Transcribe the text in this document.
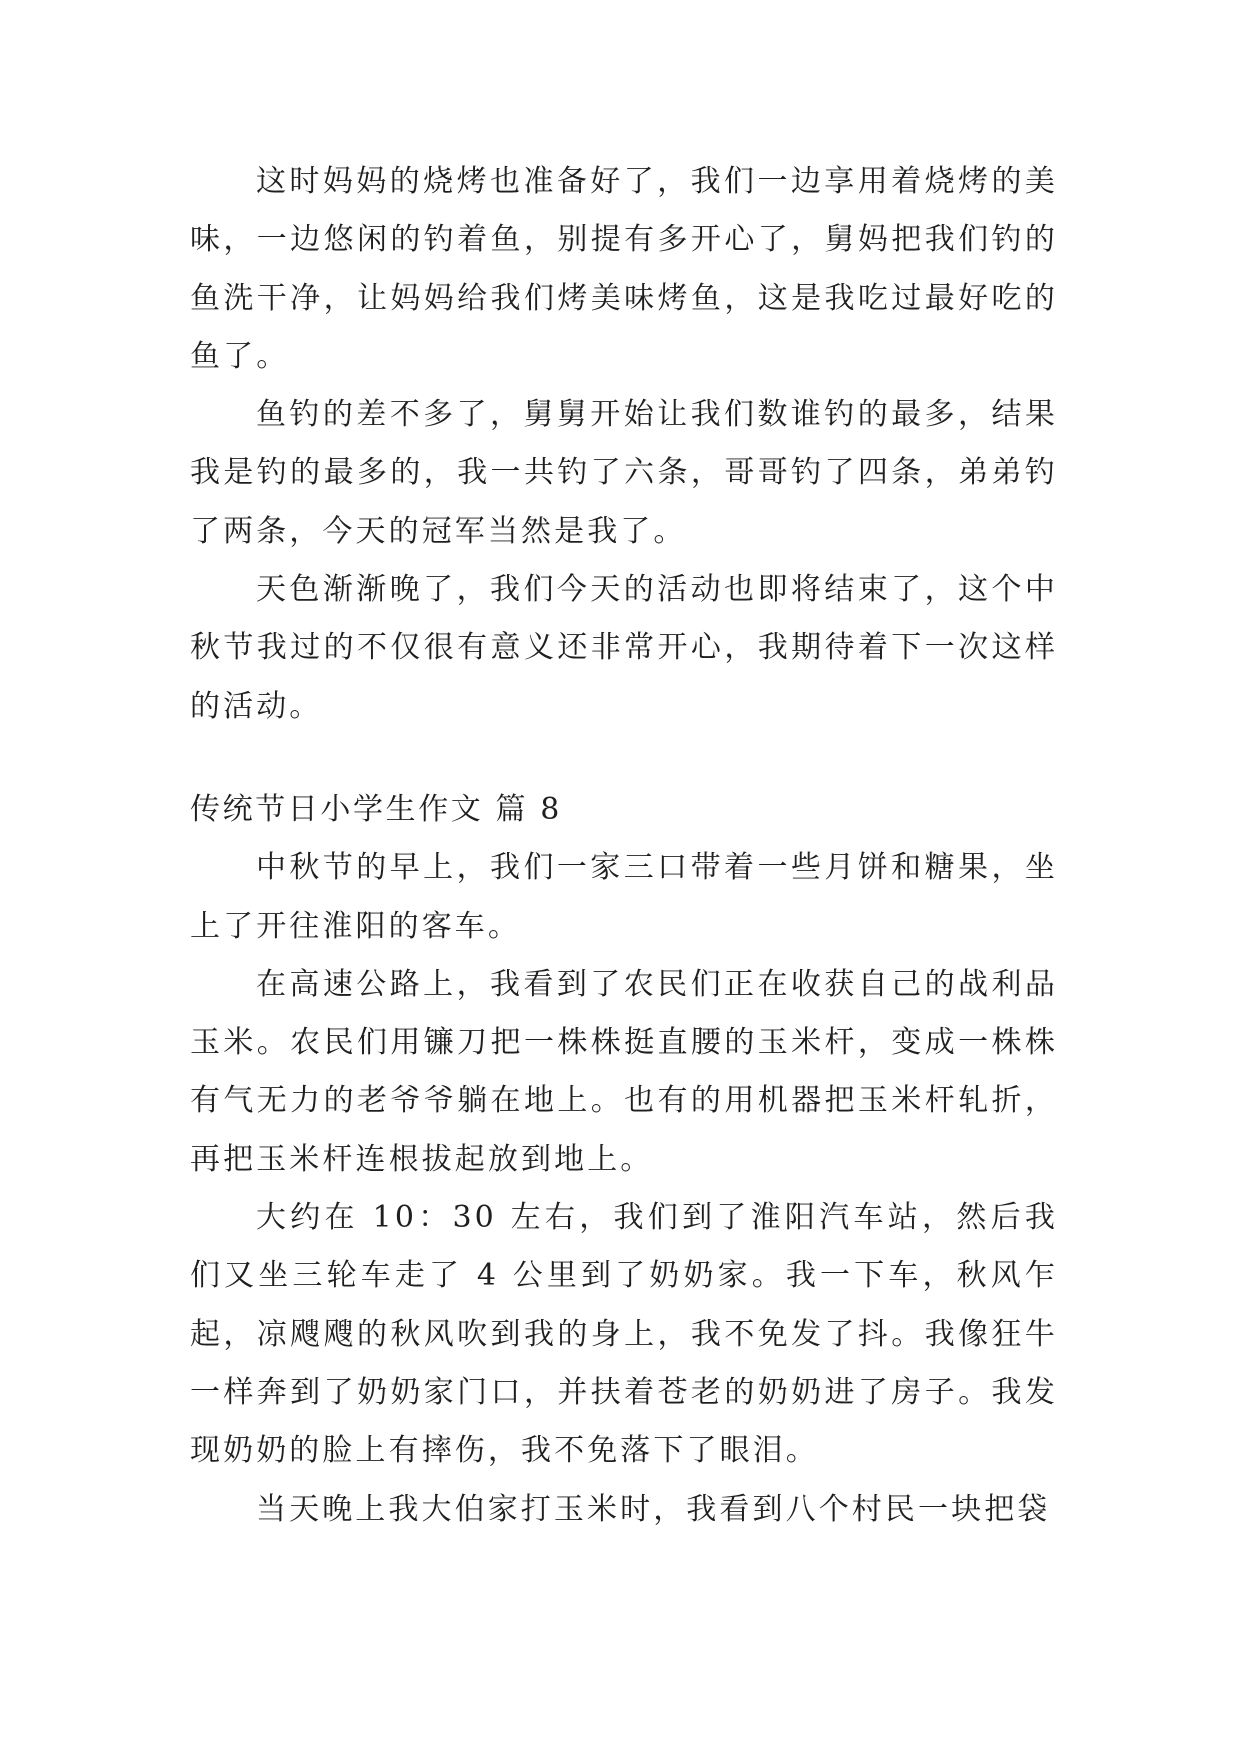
这时妈妈的烧烤也准备好了，我们一边享用着烧烤的美味，一边悠闲的钓着鱼，别提有多开心了，舅妈把我们钓的鱼洗干净，让妈妈给我们烤美味烤鱼，这是我吃过最好吃的鱼了。

鱼钓的差不多了，舅舅开始让我们数谁钓的最多，结果我是钓的最多的，我一共钓了六条，哥哥钓了四条，弟弟钓了两条，今天的冠军当然是我了。

天色渐渐晚了，我们今天的活动也即将结束了，这个中秋节我过的不仅很有意义还非常开心，我期待着下一次这样的活动。

传统节日小学生作文 篇 8

中秋节的早上，我们一家三口带着一些月饼和糖果，坐上了开往淮阳的客车。

在高速公路上，我看到了农民们正在收获自己的战利品玉米。农民们用镰刀把一株株挺直腰的玉米杆，变成一株株有气无力的老爷爷躺在地上。也有的用机器把玉米杆轧折，再把玉米杆连根拔起放到地上。

大约在 10：30 左右，我们到了淮阳汽车站，然后我们又坐三轮车走了 4 公里到了奶奶家。我一下车，秋风乍起，凉飕飕的秋风吹到我的身上，我不免发了抖。我像狂牛一样奔到了奶奶家门口，并扶着苍老的奶奶进了房子。我发现奶奶的脸上有摔伤，我不免落下了眼泪。

当天晚上我大伯家打玉米时，我看到八个村民一块把袋
